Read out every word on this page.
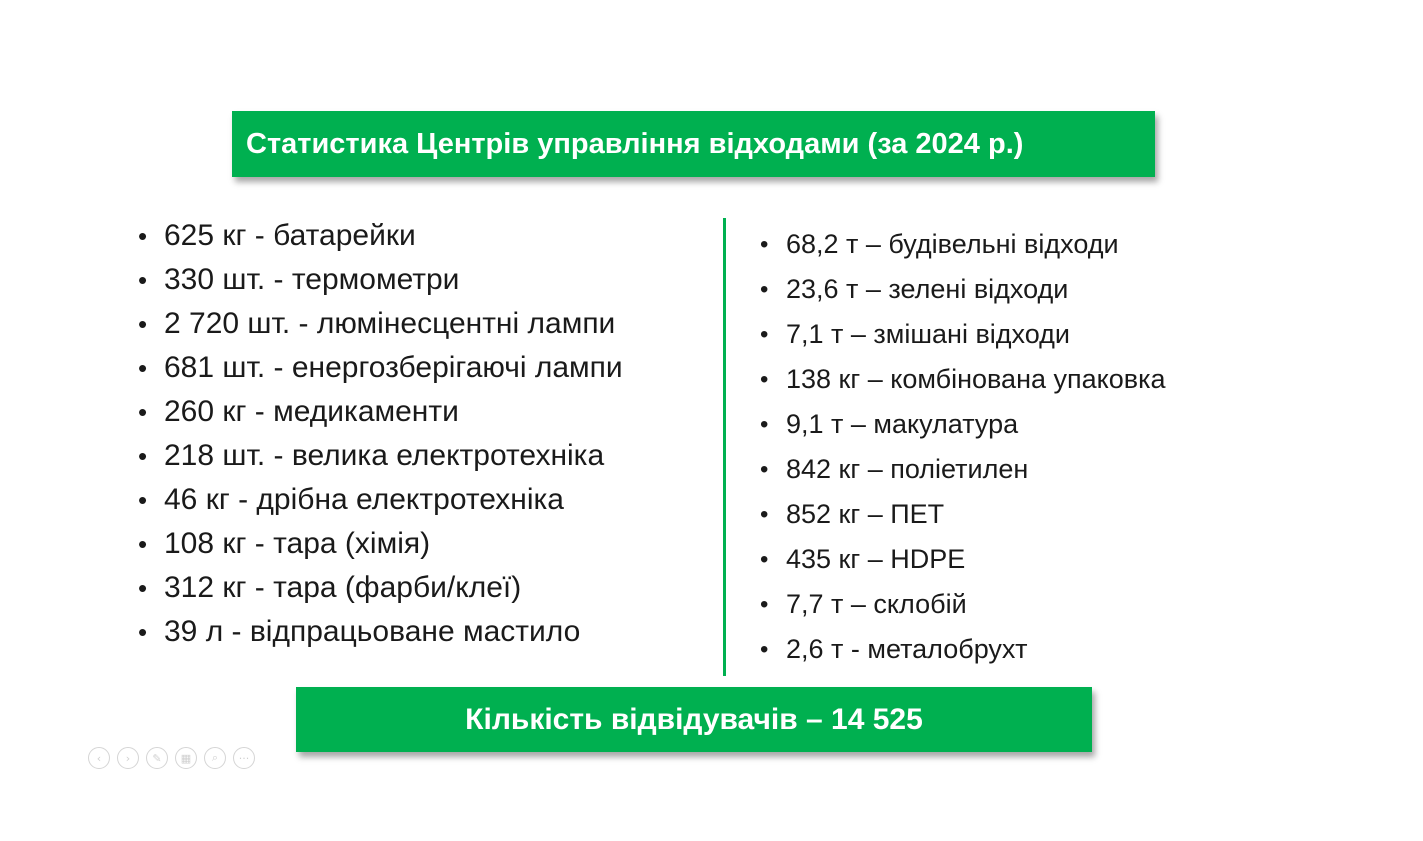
Статистика Центрів управління відходами (за 2024 р.)
• 625 кг - батарейки
• 330 шт. - термометри
• 2 720 шт. - люмінесцентні лампи
• 681 шт. - енергозберігаючі лампи
• 260 кг - медикаменти
• 218 шт. - велика електротехніка
• 46 кг - дрібна електротехніка
• 108 кг - тара (хімія)
• 312 кг - тара (фарби/клеї)
• 39 л - відпрацьоване мастило
• 68,2 т – будівельні відходи
• 23,6 т – зелені відходи
• 7,1 т – змішані відходи
• 138 кг – комбінована упаковка
• 9,1 т – макулатура
• 842 кг – поліетилен
• 852 кг – ПЕТ
• 435 кг – HDPE
• 7,7 т – склобій
• 2,6 т - металобрухт
Кількість відвідувачів – 14 525
‹	›	✎	▦	⌕	···
